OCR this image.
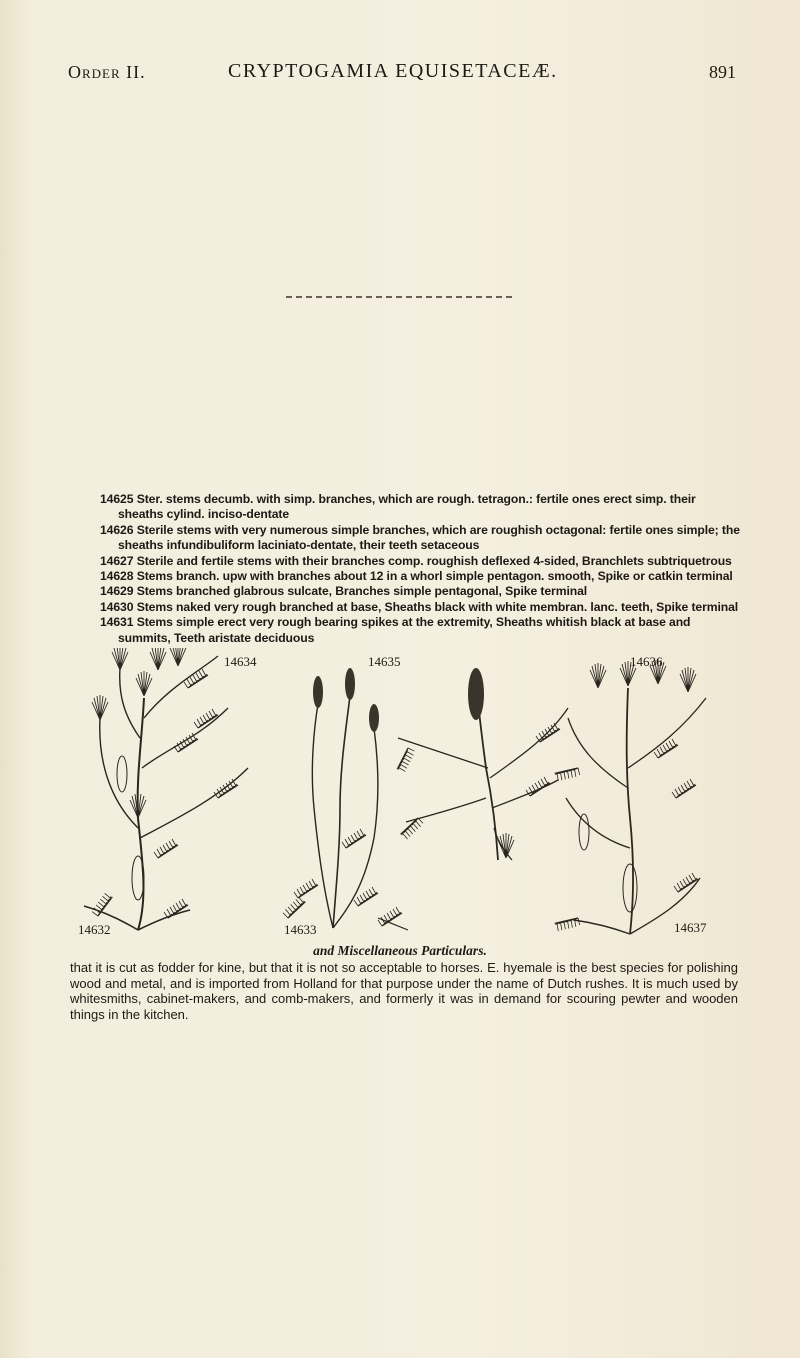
Order II.	CRYPTOGAMIA EQUISETACEÆ.	891
14625 Ster. stems decumb. with simp. branches, which are rough. tetragon.: fertile ones erect simp. their sheaths cylind. inciso-dentate
14626 Sterile stems with very numerous simple branches, which are roughish octagonal: fertile ones simple; the sheaths infundibuliform laciniato-dentate, their teeth setaceous
14627 Sterile and fertile stems with their branches comp. roughish deflexed 4-sided, Branchlets subtriquetrous
14628 Stems branch. upw with branches about 12 in a whorl simple pentagon. smooth, Spike or catkin terminal
14629 Stems branched glabrous sulcate, Branches simple pentagonal, Spike terminal
14630 Stems naked very rough branched at base, Sheaths black with white membran. lanc. teeth, Spike terminal
14631 Stems simple erect very rough bearing spikes at the extremity, Sheaths whitish black at base and summits, Teeth aristate deciduous
14634	14635	14636
14632	14633	14637
and Miscellaneous Particulars.
that it is cut as fodder for kine, but that it is not so acceptable to horses. E. hyemale is the best species for polishing wood and metal, and is imported from Holland for that purpose under the name of Dutch rushes. It is much used by whitesmiths, cabinet-makers, and comb-makers, and formerly it was in demand for scouring pewter and wooden things in the kitchen.
